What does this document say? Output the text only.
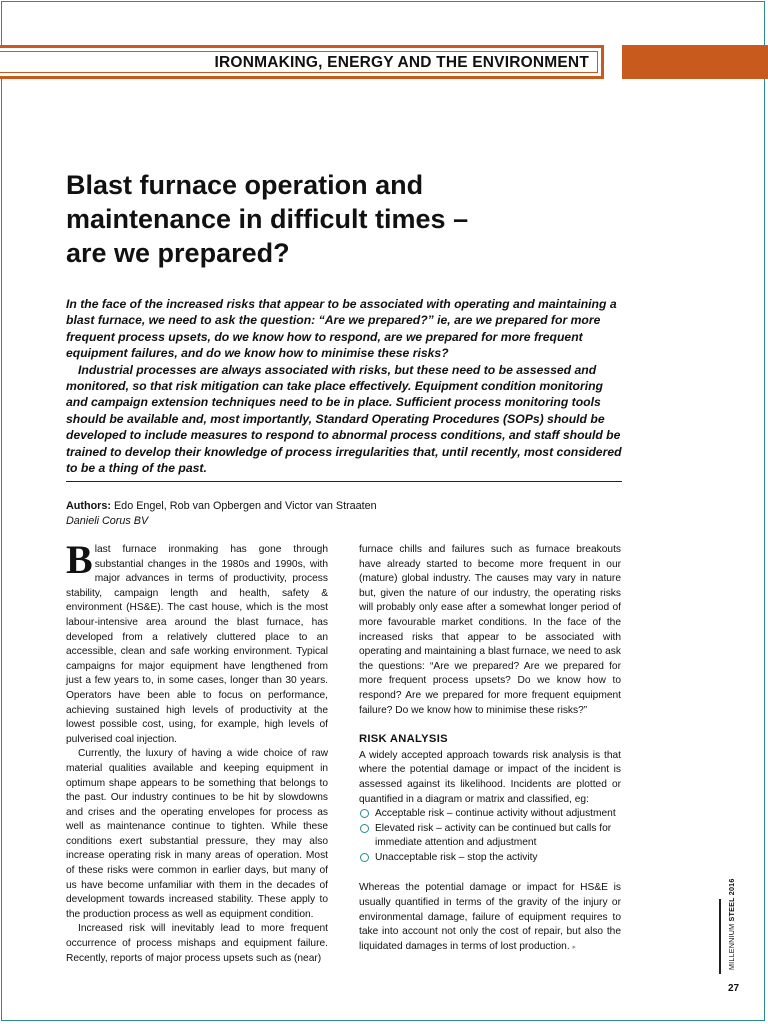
IRONMAKING, ENERGY AND THE ENVIRONMENT
Blast furnace operation and
maintenance in difficult times –
are we prepared?

In the face of the increased risks that appear to be associated with operating and maintaining a blast furnace, we need to ask the question: “Are we prepared?” ie, are we prepared for more frequent process upsets, do we know how to respond, are we prepared for more frequent equipment failures, and do we know how to minimise these risks?

Industrial processes are always associated with risks, but these need to be assessed and monitored, so that risk mitigation can take place effectively. Equipment condition monitoring and campaign extension techniques need to be in place. Sufficient process monitoring tools should be available and, most importantly, Standard Operating Procedures (SOPs) should be developed to include measures to respond to abnormal process conditions, and staff should be trained to develop their knowledge of process irregularities that, until recently, most considered to be a thing of the past.

Authors: Edo Engel, Rob van Opbergen and Victor van Straaten
Danieli Corus BV

Blast furnace ironmaking has gone through substantial changes in the 1980s and 1990s, with major advances in terms of productivity, process stability, campaign length and health, safety & environment (HS&E). The cast house, which is the most labour-intensive area around the blast furnace, has developed from a relatively cluttered place to an accessible, clean and safe working environment. Typical campaigns for major equipment have lengthened from just a few years to, in some cases, longer than 30 years. Operators have been able to focus on performance, achieving sustained high levels of productivity at the lowest possible cost, using, for example, high levels of pulverised coal injection.

Currently, the luxury of having a wide choice of raw material qualities available and keeping equipment in optimum shape appears to be something that belongs to the past. Our industry continues to be hit by slowdowns and crises and the operating envelopes for process as well as maintenance continue to tighten. While these conditions exert substantial pressure, they may also increase operating risk in many areas of operation. Most of these risks were common in earlier days, but many of us have become unfamiliar with them in the decades of development towards increased stability. These apply to the production process as well as equipment condition.

Increased risk will inevitably lead to more frequent occurrence of process mishaps and equipment failure. Recently, reports of major process upsets such as (near)

furnace chills and failures such as furnace breakouts have already started to become more frequent in our (mature) global industry. The causes may vary in nature but, given the nature of our industry, the operating risks will probably only ease after a somewhat longer period of more favourable market conditions. In the face of the increased risks that appear to be associated with operating and maintaining a blast furnace, we need to ask the questions: “Are we prepared? Are we prepared for more frequent process upsets? Do we know how to respond? Are we prepared for more frequent equipment failure? Do we know how to minimise these risks?”

RISK ANALYSIS

A widely accepted approach towards risk analysis is that where the potential damage or impact of the incident is assessed against its likelihood. Incidents are plotted or quantified in a diagram or matrix and classified, eg:

Acceptable risk – continue activity without adjustment
Elevated risk – activity can be continued but calls for immediate attention and adjustment
Unacceptable risk – stop the activity

Whereas the potential damage or impact for HS&E is usually quantified in terms of the gravity of the injury or environmental damage, failure of equipment requires to take into account not only the cost of repair, but also the liquidated damages in terms of lost production. ▸	MILLENNIUM STEEL 2016
27
